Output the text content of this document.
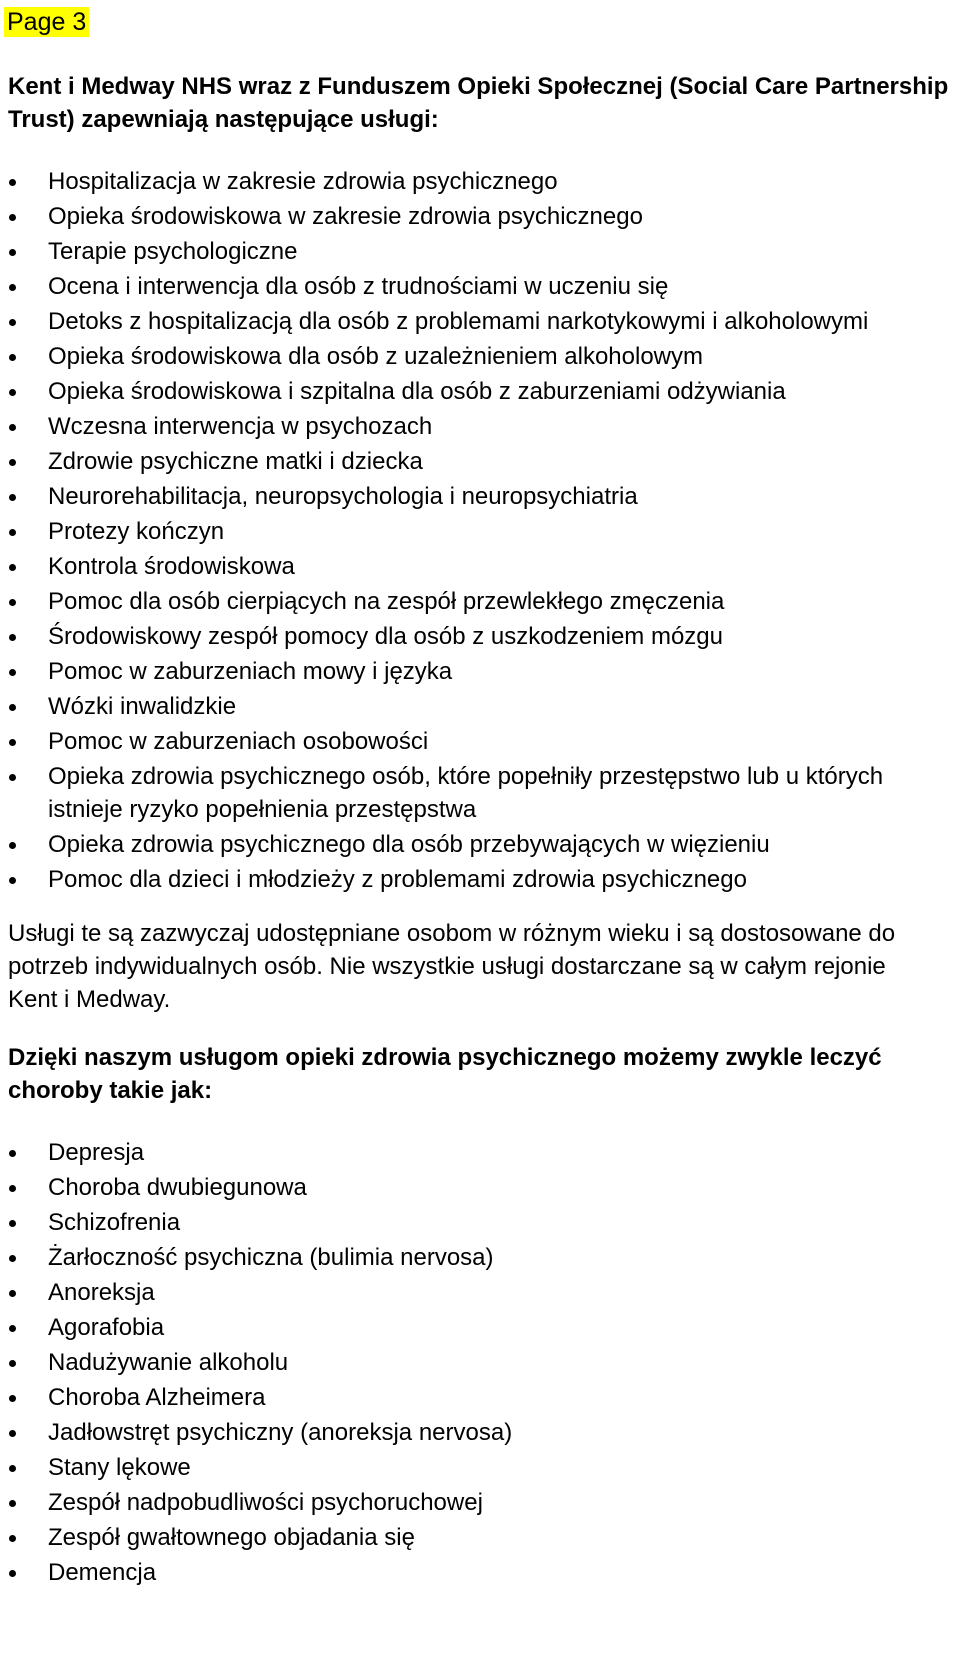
Page 3
Kent i Medway NHS wraz z Funduszem Opieki Społecznej (Social Care Partnership Trust) zapewniają następujące usługi:
Hospitalizacja w zakresie zdrowia psychicznego
Opieka środowiskowa w zakresie zdrowia psychicznego
Terapie psychologiczne
Ocena i interwencja dla osób z trudnościami w uczeniu się
Detoks z hospitalizacją dla osób z problemami narkotykowymi i alkoholowymi
Opieka środowiskowa dla osób z uzależnieniem alkoholowym
Opieka środowiskowa i szpitalna dla osób z zaburzeniami odżywiania
Wczesna interwencja w psychozach
Zdrowie psychiczne matki i dziecka
Neurorehabilitacja, neuropsychologia i neuropsychiatria
Protezy kończyn
Kontrola środowiskowa
Pomoc dla osób cierpiących na zespół przewlekłego zmęczenia
Środowiskowy zespół pomocy dla osób z uszkodzeniem mózgu
Pomoc w zaburzeniach mowy i języka
Wózki inwalidzkie
Pomoc w zaburzeniach osobowości
Opieka zdrowia psychicznego osób, które popełniły przestępstwo lub u których istnieje ryzyko popełnienia przestępstwa
Opieka zdrowia psychicznego dla osób przebywających w więzieniu
Pomoc dla dzieci i młodzieży z problemami zdrowia psychicznego
Usługi te są zazwyczaj udostępniane osobom w różnym wieku i są dostosowane do potrzeb indywidualnych osób. Nie wszystkie usługi dostarczane są w całym rejonie Kent i Medway.
Dzięki naszym usługom opieki zdrowia psychicznego możemy zwykle leczyć choroby takie jak:
Depresja
Choroba dwubiegunowa
Schizofrenia
Żarłoczność psychiczna (bulimia nervosa)
Anoreksja
Agorafobia
Nadużywanie alkoholu
Choroba Alzheimera
Jadłowstręt psychiczny (anoreksja nervosa)
Stany lękowe
Zespół nadpobudliwości psychoruchowej
Zespół gwałtownego objadania się
Demencja
